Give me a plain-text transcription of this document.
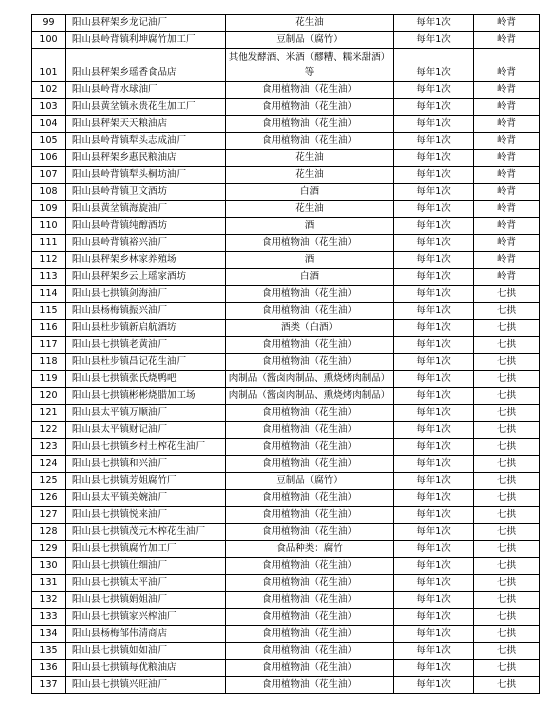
99	阳山县秤架乡龙记油厂	花生油	每年1次	岭背
100	阳山县岭背镇利坤腐竹加工厂	豆制品（腐竹）	每年1次	岭背
101	阳山县秤架乡瑶香食品店	其他发酵酒、米酒（醪糟、糯米甜酒）等	每年1次	岭背
102	阳山县岭背水球油厂	食用植物油（花生油）	每年1次	岭背
103	阳山县黄坌镇永贵花生加工厂	食用植物油（花生油）	每年1次	岭背
104	阳山县秤架天天粮油店	食用植物油（花生油）	每年1次	岭背
105	阳山县岭背镇犁头志成油厂	食用植物油（花生油）	每年1次	岭背
106	阳山县秤架乡惠民粮油店	花生油	每年1次	岭背
107	阳山县岭背镇犁头桐坊油厂	花生油	每年1次	岭背
108	阳山县岭背镇卫文酒坊	白酒	每年1次	岭背
109	阳山县黄坌镇海旋油厂	花生油	每年1次	岭背
110	阳山县岭背镇纯醇酒坊	酒	每年1次	岭背
111	阳山县岭背镇裕兴油厂	食用植物油（花生油）	每年1次	岭背
112	阳山县秤架乡林家养殖场	酒	每年1次	岭背
113	阳山县秤架乡云上瑶家酒坊	白酒	每年1次	岭背
114	阳山县七拱镇剑海油厂	食用植物油（花生油）	每年1次	七拱
115	阳山县杨梅镇振兴油厂	食用植物油（花生油）	每年1次	七拱
116	阳山县杜步镇新启航酒坊	酒类（白酒）	每年1次	七拱
117	阳山县七拱镇老黄油厂	食用植物油（花生油）	每年1次	七拱
118	阳山县杜步镇昌记花生油厂	食用植物油（花生油）	每年1次	七拱
119	阳山县七拱镇张氏烧鸭吧	肉制品（酱卤肉制品、熏烧烤肉制品）	每年1次	七拱
120	阳山县七拱镇彬彬烧腊加工场	肉制品（酱卤肉制品、熏烧烤肉制品）	每年1次	七拱
121	阳山县太平镇万顺油厂	食用植物油（花生油）	每年1次	七拱
122	阳山县太平镇财记油厂	食用植物油（花生油）	每年1次	七拱
123	阳山县七拱镇乡村土榨花生油厂	食用植物油（花生油）	每年1次	七拱
124	阳山县七拱镇和兴油厂	食用植物油（花生油）	每年1次	七拱
125	阳山县七拱镇芳姐腐竹厂	豆制品（腐竹）	每年1次	七拱
126	阳山县太平镇美婉油厂	食用植物油（花生油）	每年1次	七拱
127	阳山县七拱镇悦来油厂	食用植物油（花生油）	每年1次	七拱
128	阳山县七拱镇茂元木榨花生油厂	食用植物油（花生油）	每年1次	七拱
129	阳山县七拱镇腐竹加工厂	食品种类：腐竹	每年1次	七拱
130	阳山县七拱镇仕细油厂	食用植物油（花生油）	每年1次	七拱
131	阳山县七拱镇太平油厂	食用植物油（花生油）	每年1次	七拱
132	阳山县七拱镇娟姐油厂	食用植物油（花生油）	每年1次	七拱
133	阳山县七拱镇家兴榨油厂	食用植物油（花生油）	每年1次	七拱
134	阳山县杨梅邹伟清商店	食用植物油（花生油）	每年1次	七拱
135	阳山县七拱镇如如油厂	食用植物油（花生油）	每年1次	七拱
136	阳山县七拱镇每优粮油店	食用植物油（花生油）	每年1次	七拱
137	阳山县七拱镇兴旺油厂	食用植物油（花生油）	每年1次	七拱
